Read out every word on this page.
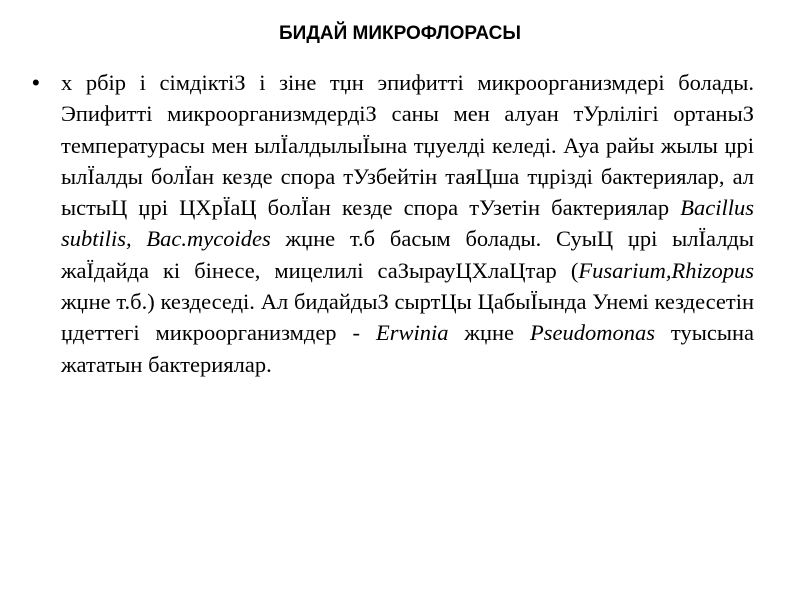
БИДАЙ МИКРОФЛОРАСЫ
• х рбір і сімдіктіЗ і зіне тџн эпифитті микроорганизмдері болады. Эпифитті микроорганизмдердіЗ саны мен алуан тУрлілігі ортаныЗ температурасы мен ылЇалдылыЇына тџуелді келеді. Ауа райы жылы џрі ылЇалды болЇан кезде спора тУзбейтін таяЦша тџрізді бактериялар, ал ыстыЦ џрі ЦХрЇаЦ болЇан кезде спора тУзетін бактериялар Bacillus subtilis, Bac.mycoides жџне т.б басым болады. СуыЦ џрі ылЇалды жаЇдайда кі бінесе, мицелилі саЗырауЦХлаЦтар (Fusarium,Rhizopus жџне т.б.) кездеседі. Ал бидайдыЗ сыртЦы ЦабыЇында Унемі кездесетін џдеттегі микроорганизмдер - Erwinia жџне Pseudomonas туысына жататын бактериялар.
